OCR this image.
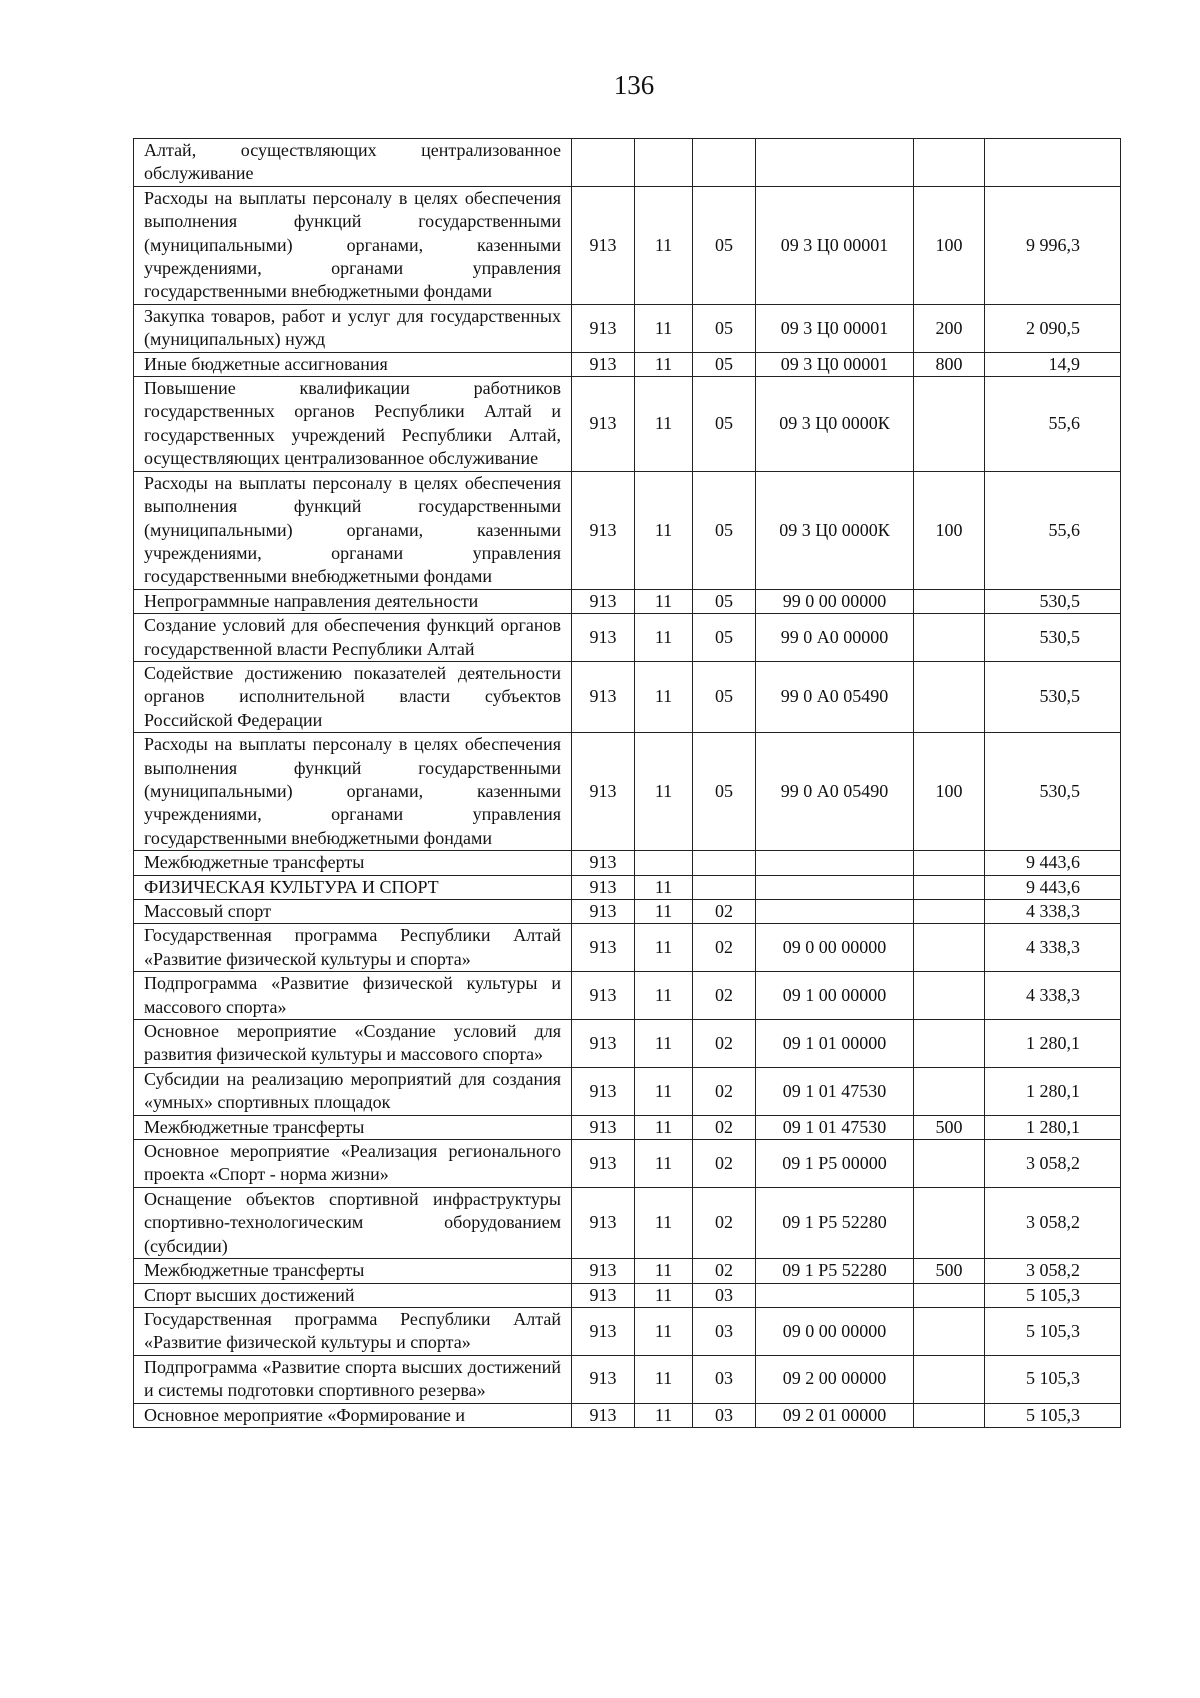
136
Алтай, осуществляющих централизованное обслуживание						
Расходы на выплаты персоналу в целях обеспечения выполнения функций государственными (муниципальными) органами, казенными учреждениями, органами управления государственными внебюджетными фондами	913	11	05	09 3 Ц0 00001	100	9 996,3
Закупка товаров, работ и услуг для государственных (муниципальных) нужд	913	11	05	09 3 Ц0 00001	200	2 090,5
Иные бюджетные ассигнования	913	11	05	09 3 Ц0 00001	800	14,9
Повышение квалификации работников государственных органов Республики Алтай и государственных учреждений Республики Алтай, осуществляющих централизованное обслуживание	913	11	05	09 3 Ц0 0000К		55,6
Расходы на выплаты персоналу в целях обеспечения выполнения функций государственными (муниципальными) органами, казенными учреждениями, органами управления государственными внебюджетными фондами	913	11	05	09 3 Ц0 0000К	100	55,6
Непрограммные направления деятельности	913	11	05	99 0 00 00000		530,5
Создание условий для обеспечения функций органов государственной власти Республики Алтай	913	11	05	99 0 А0 00000		530,5
Содействие достижению показателей деятельности органов исполнительной власти субъектов Российской Федерации	913	11	05	99 0 А0 05490		530,5
Расходы на выплаты персоналу в целях обеспечения выполнения функций государственными (муниципальными) органами, казенными учреждениями, органами управления государственными внебюджетными фондами	913	11	05	99 0 А0 05490	100	530,5
Межбюджетные трансферты	913					9 443,6
ФИЗИЧЕСКАЯ КУЛЬТУРА И СПОРТ	913	11				9 443,6
Массовый спорт	913	11	02			4 338,3
Государственная программа Республики Алтай «Развитие физической культуры и спорта»	913	11	02	09 0 00 00000		4 338,3
Подпрограмма «Развитие физической культуры и массового спорта»	913	11	02	09 1 00 00000		4 338,3
Основное мероприятие «Создание условий для развития физической культуры и массового спорта»	913	11	02	09 1 01 00000		1 280,1
Субсидии на реализацию мероприятий для создания «умных» спортивных площадок	913	11	02	09 1 01 47530		1 280,1
Межбюджетные трансферты	913	11	02	09 1 01 47530	500	1 280,1
Основное мероприятие «Реализация регионального проекта «Спорт - норма жизни»	913	11	02	09 1 Р5 00000		3 058,2
Оснащение объектов спортивной инфраструктуры спортивно-технологическим оборудованием (субсидии)	913	11	02	09 1 Р5 52280		3 058,2
Межбюджетные трансферты	913	11	02	09 1 Р5 52280	500	3 058,2
Спорт высших достижений	913	11	03			5 105,3
Государственная программа Республики Алтай «Развитие физической культуры и спорта»	913	11	03	09 0 00 00000		5 105,3
Подпрограмма «Развитие спорта высших достижений и системы подготовки спортивного резерва»	913	11	03	09 2 00 00000		5 105,3
Основное мероприятие «Формирование и	913	11	03	09 2 01 00000		5 105,3
